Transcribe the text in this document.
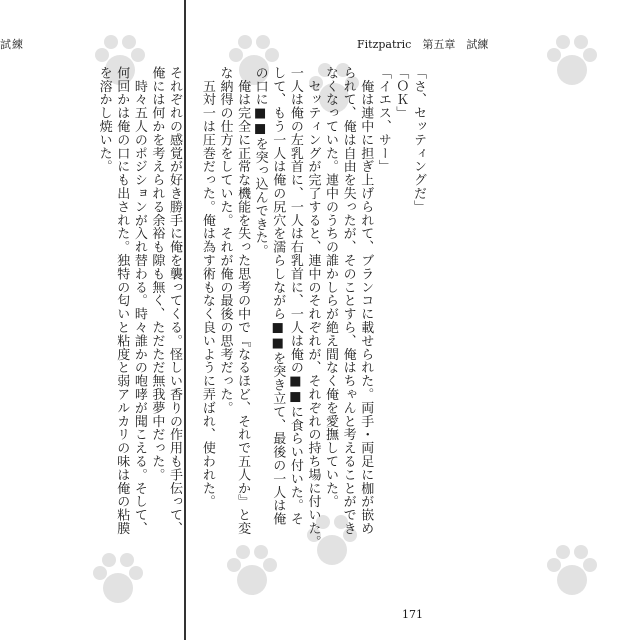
試練

それぞれの感覚が好き勝手に俺を襲ってくる。怪しい香りの作用も手伝って、

俺には何かを考えられる余裕も隙も無く、ただただ無我夢中だった。

　時々五人のポジションが入れ替わる。時々誰かの咆哮が聞こえる。そして、

何回かは俺の口にも出された。独特の匂いと粘度と弱アルカリの味は俺の粘膜

を溶かし焼いた。

Fitzpatric　第五章　試練

「さ、セッティングだ」

「ＯＫ」

「イエス、サー」

　俺は連中に担ぎ上げられて、ブランコに載せられた。両手・両足に枷が嵌め

られて、俺は自由を失ったが、そのことすら、俺はちゃんと考えることができ

なくなっていた。連中のうちの誰かしらが絶え間なく俺を愛撫していた。

　セッティングが完了すると、連中のそれぞれが、それぞれの持ち場に付いた。

一人は俺の左乳首に、一人は右乳首に、一人は俺の■■に食らい付いた。そ

して、もう一人は俺の尻穴を濡らしながら■■を突き立て、最後の一人は俺

の口に■■を突っ込んできた。

　俺は完全に正常な機能を失った思考の中で『なるほど、それで五人か』と変

な納得の仕方をしていた。それが俺の最後の思考だった。

　五対一は圧巻だった。俺は為す術もなく良いように弄ばれ、使われた。

171
